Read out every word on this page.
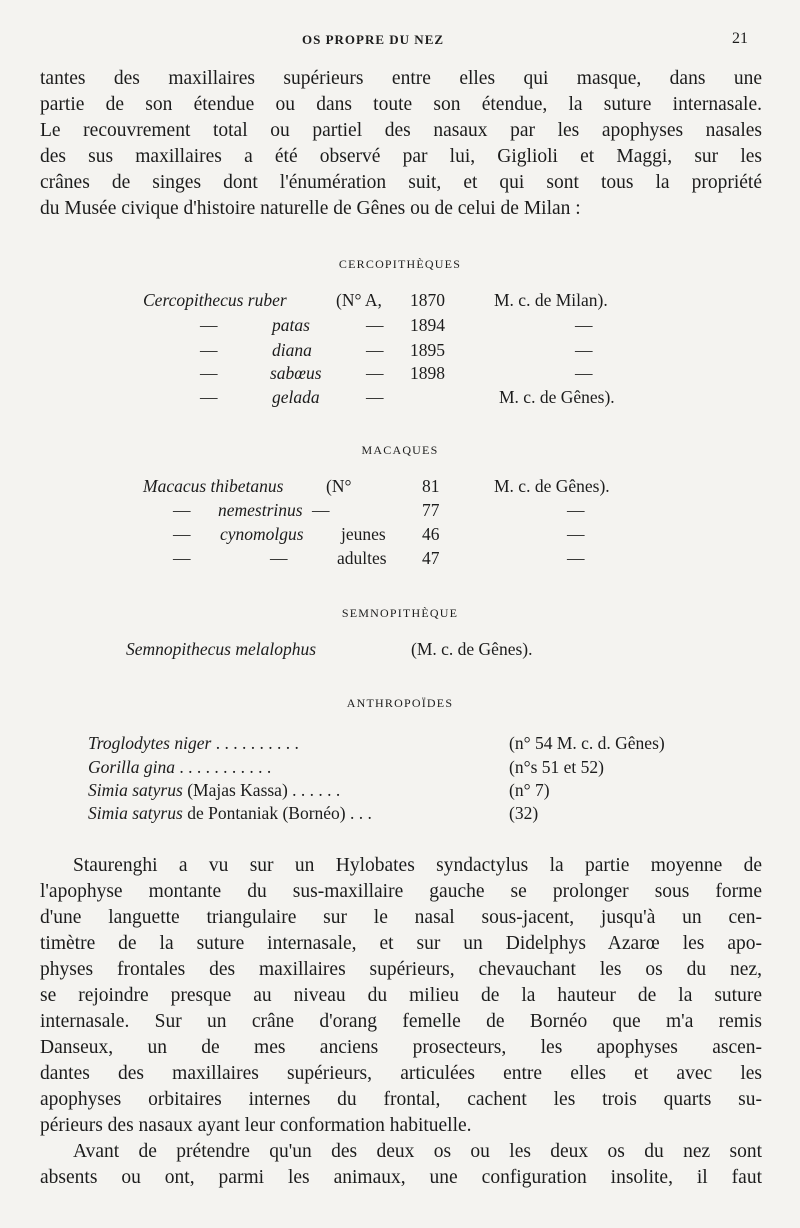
OS PROPRE DU NEZ	21
tantes des maxillaires supérieurs entre elles qui masque, dans une
partie de son étendue ou dans toute son étendue, la suture internasale.
Le recouvrement total ou partiel des nasaux par les apophyses nasales
des sus maxillaires a été observé par lui, Giglioli et Maggi, sur les
crânes de singes dont l'énumération suit, et qui sont tous la propriété
du Musée civique d'histoire naturelle de Gênes ou de celui de Milan :
CERCOPITHÈQUES
Cercopithecus ruber	(N° A, 1870	M. c. de Milan).
—	patas	— 1894	—
—	diana	— 1895	—
—	sabœus	— 1898	—
—	gelada	—	M. c. de Gênes).
MACAQUES
Macacus thibetanus (N°	81	M. c. de Gênes).
— nemestrinus —	77	—
— cynomolgus jeunes 46	—
—	—	adultes 47	—
SEMNOPITHÈQUE
Semnopithecus melalophus	(M. c. de Gênes).
ANTHROPOÏDES
Troglodytes niger . . . . . . . . . .	(n° 54 M. c. d. Gênes)
Gorilla gina . . . . . . . . . . .	(n°s 51 et 52)
Simia satyrus (Majas Kassa) . . . . . .	(n° 7)
Simia satyrus de Pontaniak (Bornéo) . . .	(32)
Staurenghi a vu sur un Hylobates syndactylus la partie moyenne de
l'apophyse montante du sus-maxillaire gauche se prolonger sous forme
d'une languette triangulaire sur le nasal sous-jacent, jusqu'à un cen-
timètre de la suture internasale, et sur un Didelphys Azarœ les apo-
physes frontales des maxillaires supérieurs, chevauchant les os du nez,
se rejoindre presque au niveau du milieu de la hauteur de la suture
internasale. Sur un crâne d'orang femelle de Bornéo que m'a remis
Danseux, un de mes anciens prosecteurs, les apophyses ascen-
dantes des maxillaires supérieurs, articulées entre elles et avec les
apophyses orbitaires internes du frontal, cachent les trois quarts su-
périeurs des nasaux ayant leur conformation habituelle.
Avant de prétendre qu'un des deux os ou les deux os du nez sont
absents ou ont, parmi les animaux, une configuration insolite, il faut
